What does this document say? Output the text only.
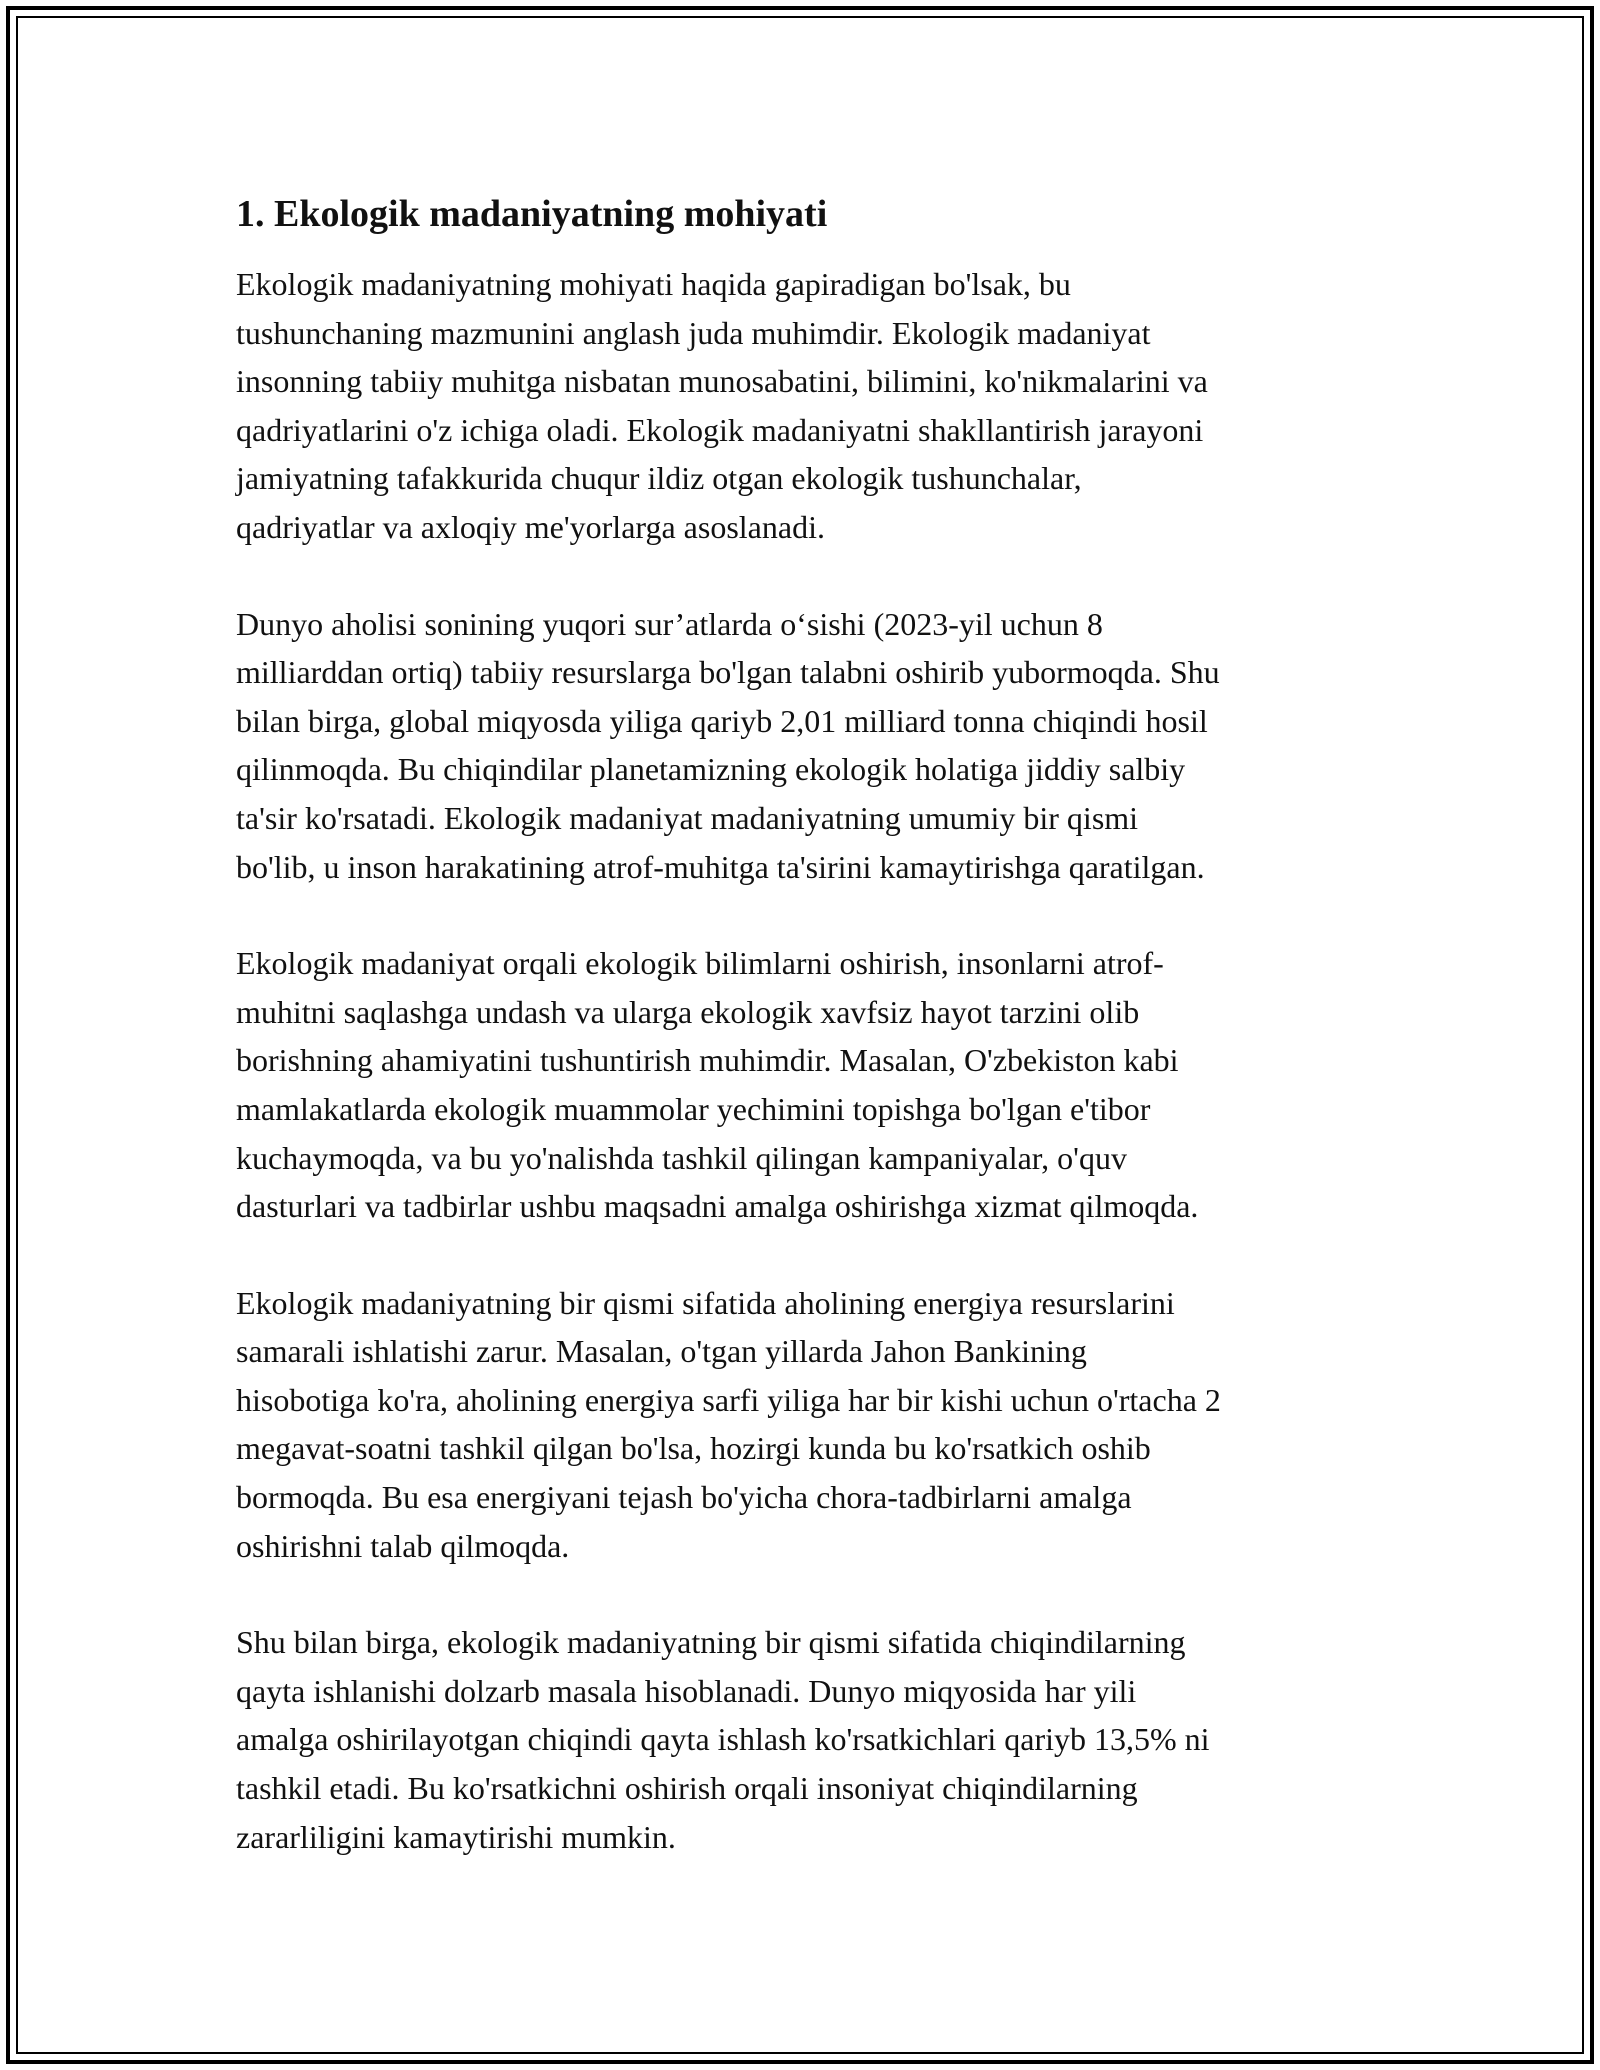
1. Ekologik madaniyatning mohiyati

Ekologik madaniyatning mohiyati haqida gapiradigan bo'lsak, bu
tushunchaning mazmunini anglash juda muhimdir. Ekologik madaniyat
insonning tabiiy muhitga nisbatan munosabatini, bilimini, ko'nikmalarini va
qadriyatlarini o'z ichiga oladi. Ekologik madaniyatni shakllantirish jarayoni
jamiyatning tafakkurida chuqur ildiz otgan ekologik tushunchalar,
qadriyatlar va axloqiy me'yorlarga asoslanadi.

Dunyo aholisi sonining yuqori sur’atlarda o‘sishi (2023-yil uchun 8
milliarddan ortiq) tabiiy resurslarga bo'lgan talabni oshirib yubormoqda. Shu
bilan birga, global miqyosda yiliga qariyb 2,01 milliard tonna chiqindi hosil
qilinmoqda. Bu chiqindilar planetamizning ekologik holatiga jiddiy salbiy
ta'sir ko'rsatadi. Ekologik madaniyat madaniyatning umumiy bir qismi
bo'lib, u inson harakatining atrof-muhitga ta'sirini kamaytirishga qaratilgan.

Ekologik madaniyat orqali ekologik bilimlarni oshirish, insonlarni atrof-
muhitni saqlashga undash va ularga ekologik xavfsiz hayot tarzini olib
borishning ahamiyatini tushuntirish muhimdir. Masalan, O'zbekiston kabi
mamlakatlarda ekologik muammolar yechimini topishga bo'lgan e'tibor
kuchaymoqda, va bu yo'nalishda tashkil qilingan kampaniyalar, o'quv
dasturlari va tadbirlar ushbu maqsadni amalga oshirishga xizmat qilmoqda.

Ekologik madaniyatning bir qismi sifatida aholining energiya resurslarini
samarali ishlatishi zarur. Masalan, o'tgan yillarda Jahon Bankining
hisobotiga ko'ra, aholining energiya sarfi yiliga har bir kishi uchun o'rtacha 2
megavat-soatni tashkil qilgan bo'lsa, hozirgi kunda bu ko'rsatkich oshib
bormoqda. Bu esa energiyani tejash bo'yicha chora-tadbirlarni amalga
oshirishni talab qilmoqda.

Shu bilan birga, ekologik madaniyatning bir qismi sifatida chiqindilarning
qayta ishlanishi dolzarb masala hisoblanadi. Dunyo miqyosida har yili
amalga oshirilayotgan chiqindi qayta ishlash ko'rsatkichlari qariyb 13,5% ni
tashkil etadi. Bu ko'rsatkichni oshirish orqali insoniyat chiqindilarning
zararliligini kamaytirishi mumkin.
